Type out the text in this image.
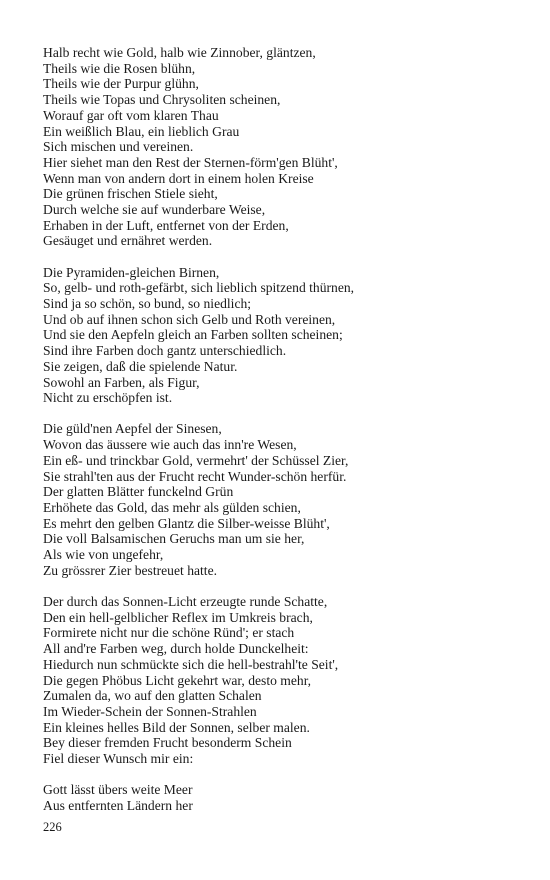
Halb recht wie Gold, halb wie Zinnober, gläntzen,
Theils wie die Rosen blühn,
Theils wie der Purpur glühn,
Theils wie Topas und Chrysoliten scheinen,
Worauf gar oft vom klaren Thau
Ein weißlich Blau, ein lieblich Grau
Sich mischen und vereinen.
Hier siehet man den Rest der Sternen-förm'gen Blüht',
Wenn man von andern dort in einem holen Kreise
Die grünen frischen Stiele sieht,
Durch welche sie auf wunderbare Weise,
Erhaben in der Luft, entfernet von der Erden,
Gesäuget und ernähret werden.
Die Pyramiden-gleichen Birnen,
So, gelb- und roth-gefärbt, sich lieblich spitzend thürnen,
Sind ja so schön, so bund, so niedlich;
Und ob auf ihnen schon sich Gelb und Roth vereinen,
Und sie den Aepfeln gleich an Farben sollten scheinen;
Sind ihre Farben doch gantz unterschiedlich.
Sie zeigen, daß die spielende Natur.
Sowohl an Farben, als Figur,
Nicht zu erschöpfen ist.
Die güld'nen Aepfel der Sinesen,
Wovon das äussere wie auch das inn're Wesen,
Ein eß- und trinckbar Gold, vermehrt' der Schüssel Zier,
Sie strahl'ten aus der Frucht recht Wunder-schön herfür.
Der glatten Blätter funckelnd Grün
Erhöhete das Gold, das mehr als gülden schien,
Es mehrt den gelben Glantz die Silber-weisse Blüht',
Die voll Balsamischen Geruchs man um sie her,
Als wie von ungefehr,
Zu grössrer Zier bestreuet hatte.
Der durch das Sonnen-Licht erzeugte runde Schatte,
Den ein hell-gelblicher Reflex im Umkreis brach,
Formirete nicht nur die schöne Ründ'; er stach
All and're Farben weg, durch holde Dunckelheit:
Hiedurch nun schmückte sich die hell-bestrahl'te Seit',
Die gegen Phöbus Licht gekehrt war, desto mehr,
Zumalen da, wo auf den glatten Schalen
Im Wieder-Schein der Sonnen-Strahlen
Ein kleines helles Bild der Sonnen, selber malen.
Bey dieser fremden Frucht besonderm Schein
Fiel dieser Wunsch mir ein:
Gott lässt übers weite Meer
Aus entfernten Ländern her
226
